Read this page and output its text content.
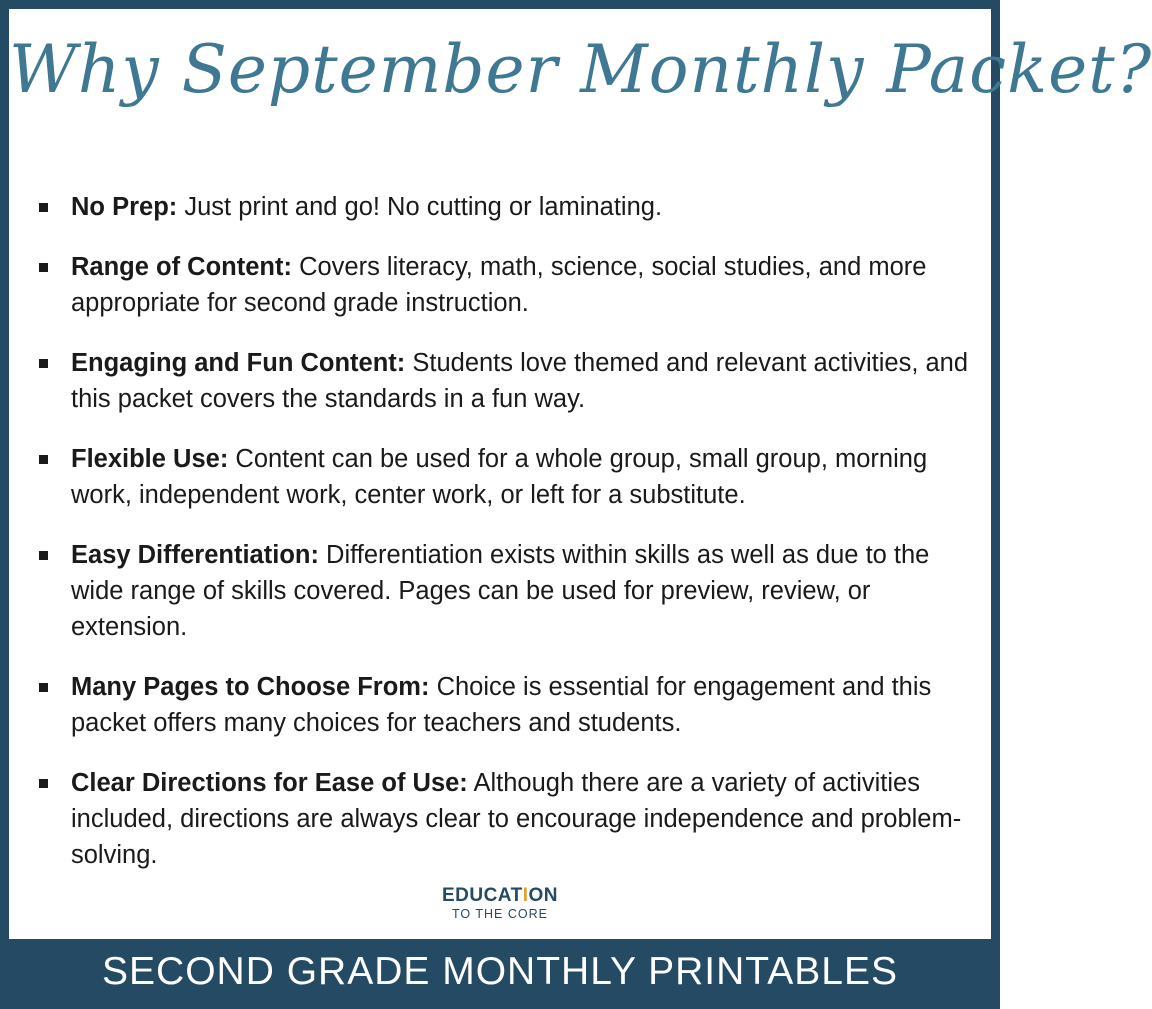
Why September Monthly Packet?
No Prep: Just print and go! No cutting or laminating.
Range of Content: Covers literacy, math, science, social studies, and more appropriate for second grade instruction.
Engaging and Fun Content: Students love themed and relevant activities, and this packet covers the standards in a fun way.
Flexible Use: Content can be used for a whole group, small group, morning work, independent work, center work, or left for a substitute.
Easy Differentiation: Differentiation exists within skills as well as due to the wide range of skills covered. Pages can be used for preview, review, or extension.
Many Pages to Choose From: Choice is essential for engagement and this packet offers many choices for teachers and students.
Clear Directions for Ease of Use: Although there are a variety of activities included, directions are always clear to encourage independence and problem-solving.
EDUCATION
TO THE CORE
SECOND GRADE MONTHLY PRINTABLES
